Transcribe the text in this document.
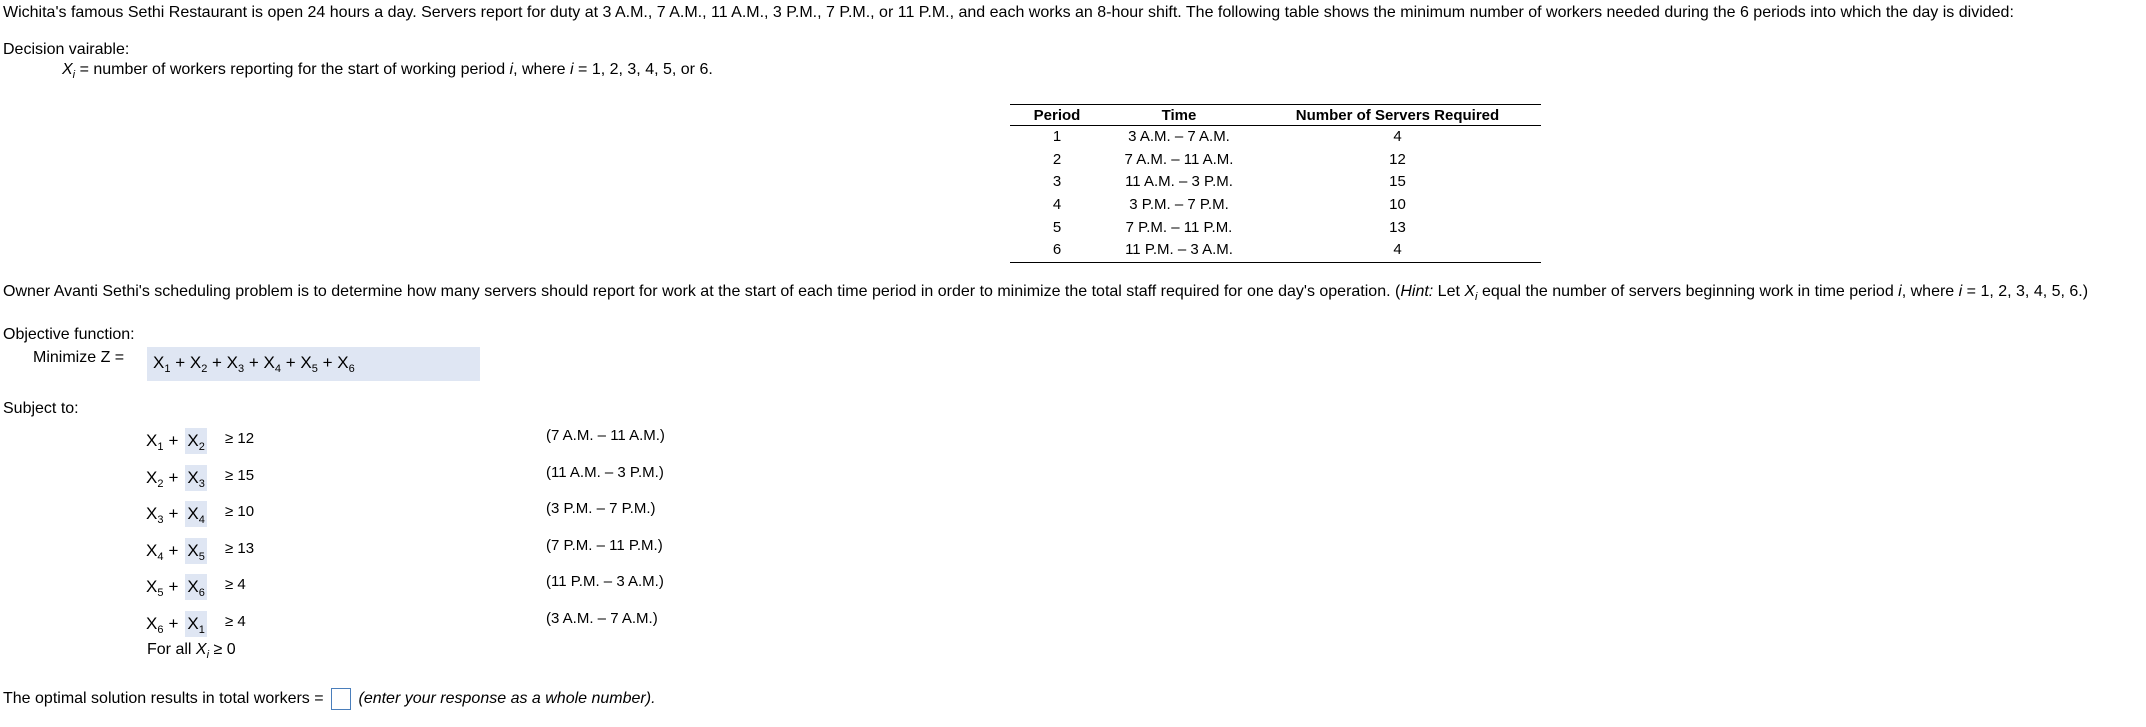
Wichita's famous Sethi Restaurant is open 24 hours a day. Servers report for duty at 3 A.M., 7 A.M., 11 A.M., 3 P.M., 7 P.M., or 11 P.M., and each works an 8-hour shift. The following table shows the minimum number of workers needed during the 6 periods into which the day is divided:
Decision vairable:
$X_i$ = number of workers reporting for the start of working period i, where i = 1, 2, 3, 4, 5, or 6.
Period	Time	Number of Servers Required
1	3 A.M. – 7 A.M.	4
2	7 A.M. – 11 A.M.	12
3	11 A.M. – 3 P.M.	15
4	3 P.M. – 7 P.M.	10
5	7 P.M. – 11 P.M.	13
6	11 P.M. – 3 A.M.	4
Owner Avanti Sethi's scheduling problem is to determine how many servers should report for work at the start of each time period in order to minimize the total staff required for one day's operation. (Hint: Let $X_i$ equal the number of servers beginning work in time period i, where i = 1, 2, 3, 4, 5, 6.)
Objective function:
Minimize Z =	$X_1 + X_2 + X_3 + X_4 + X_5 + X_6$
Subject to:
$X_1 + X_2$	≥ 12	(7 A.M. – 11 A.M.)
$X_2 + X_3$	≥ 15	(11 A.M. – 3 P.M.)
$X_3 + X_4$	≥ 10	(3 P.M. – 7 P.M.)
$X_4 + X_5$	≥ 13	(7 P.M. – 11 P.M.)
$X_5 + X_6$	≥ 4	(11 P.M. – 3 A.M.)
$X_6 + X_1$	≥ 4	(3 A.M. – 7 A.M.)
For all $X_i \ge 0$
The optimal solution results in total workers =  (enter your response as a whole number).
